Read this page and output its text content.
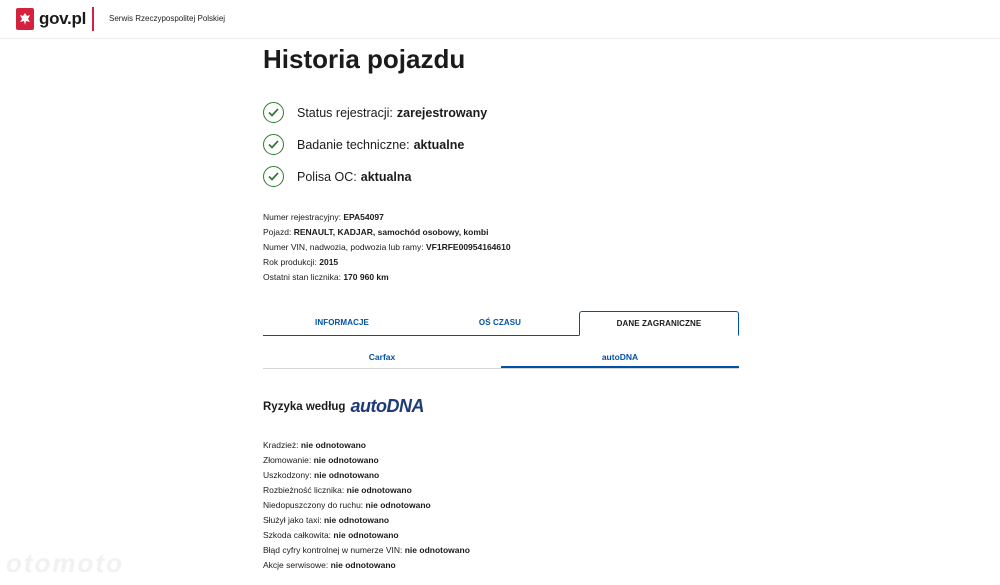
gov.pl	Serwis Rzeczypospolitej Polskiej
Historia pojazdu
Status rejestracji: zarejestrowany
Badanie techniczne: aktualne
Polisa OC: aktualna
Numer rejestracyjny: EPA54097
Pojazd: RENAULT, KADJAR, samochód osobowy, kombi
Numer VIN, nadwozia, podwozia lub ramy: VF1RFE00954164610
Rok produkcji: 2015
Ostatni stan licznika: 170 960 km
INFORMACJE	OŚ CZASU	DANE ZAGRANICZNE
Carfax	autoDNA
Ryzyka według autoDNA
Kradzież: nie odnotowano
Złomowanie: nie odnotowano
Uszkodzony: nie odnotowano
Rozbieżność licznika: nie odnotowano
Niedopuszczony do ruchu: nie odnotowano
Służył jako taxi: nie odnotowano
Szkoda całkowita: nie odnotowano
Błąd cyfry kontrolnej w numerze VIN: nie odnotowano
Akcje serwisowe: nie odnotowano
otomoto
